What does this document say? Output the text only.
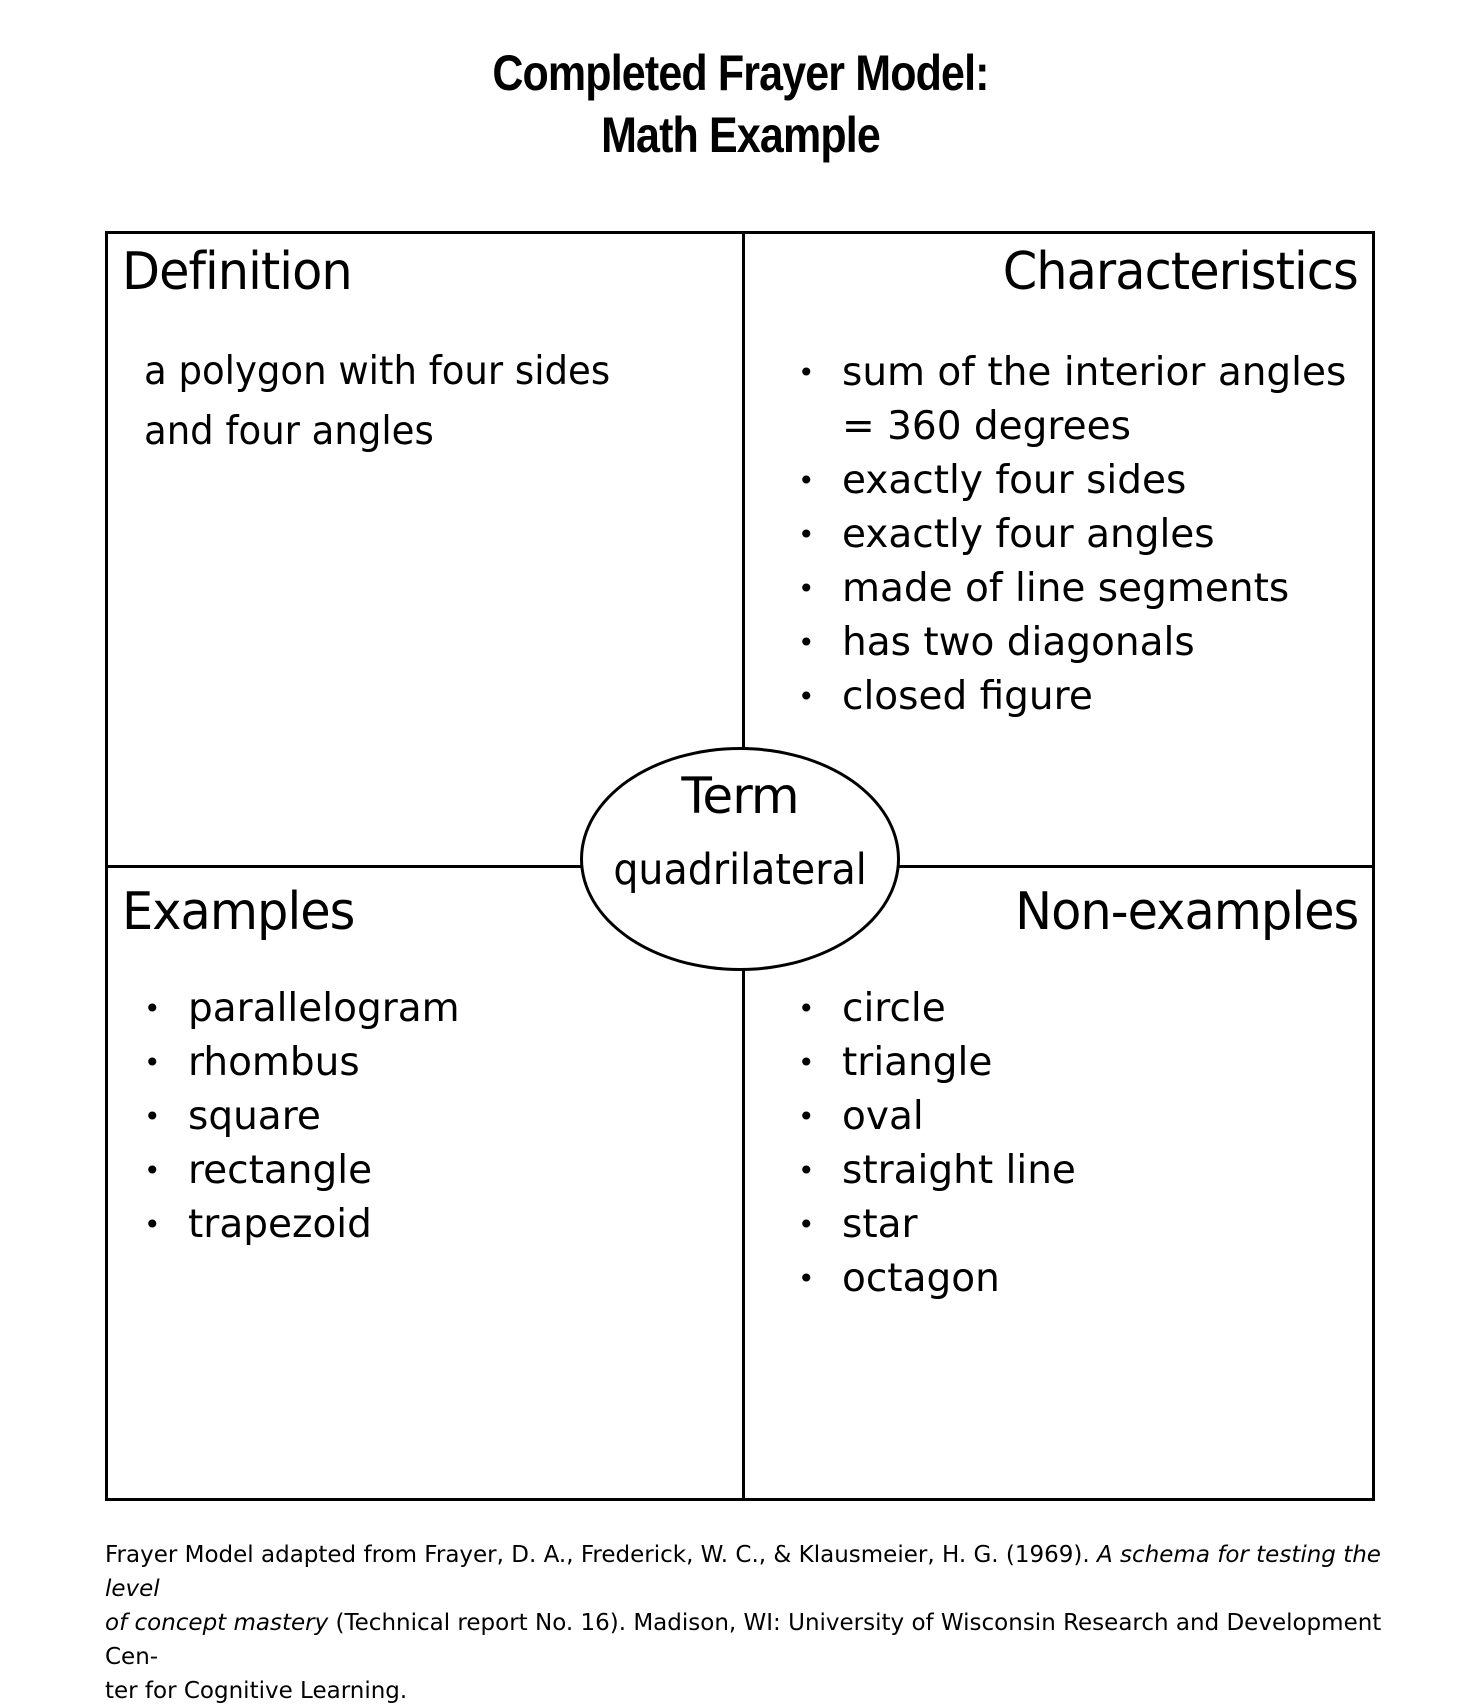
Completed Frayer Model:
Math Example
Definition
a polygon with four sides
and four angles
Characteristics
• sum of the interior angles
= 360 degrees
• exactly four sides
• exactly four angles
• made of line segments
• has two diagonals
• closed figure
Examples
• parallelogram
• rhombus
• square
• rectangle
• trapezoid
Non-examples
• circle
• triangle
• oval
• straight line
• star
• octagon
Term
quadrilateral
Frayer Model adapted from Frayer, D. A., Frederick, W. C., & Klausmeier, H. G. (1969). A schema for testing the level
of concept mastery (Technical report No. 16). Madison, WI: University of Wisconsin Research and Development Cen-
ter for Cognitive Learning.
